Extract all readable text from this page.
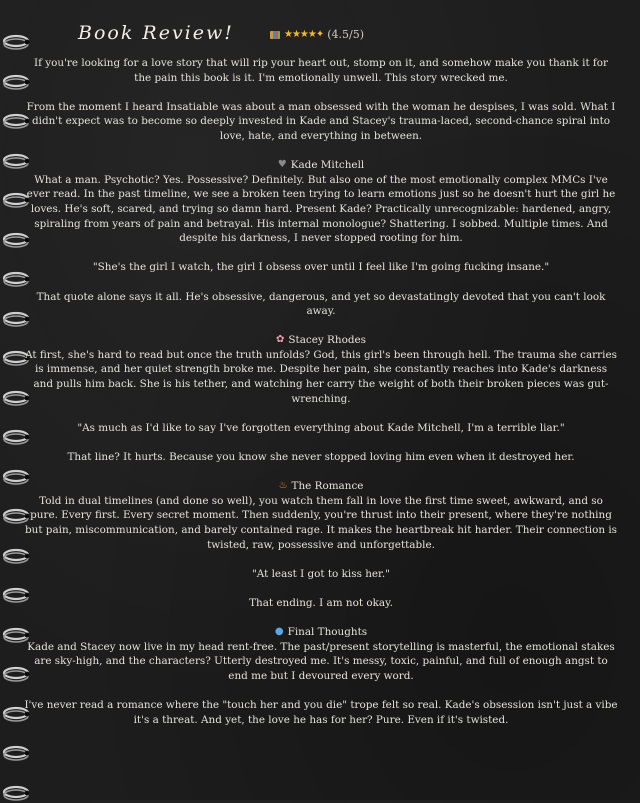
Book Review!	★★★★✦ (4.5/5)

If you're looking for a love story that will rip your heart out, stomp on it, and somehow make you thank it for the pain this book is it. I'm emotionally unwell. This story wrecked me.

From the moment I heard Insatiable was about a man obsessed with the woman he despises, I was sold. What I didn't expect was to become so deeply invested in Kade and Stacey's trauma-laced, second-chance spiral into love, hate, and everything in between.

♥ Kade Mitchell

What a man. Psychotic? Yes. Possessive? Definitely. But also one of the most emotionally complex MMCs I've ever read. In the past timeline, we see a broken teen trying to learn emotions just so he doesn't hurt the girl he loves. He's soft, scared, and trying so damn hard. Present Kade? Practically unrecognizable: hardened, angry, spiraling from years of pain and betrayal. His internal monologue? Shattering. I sobbed. Multiple times. And despite his darkness, I never stopped rooting for him.

"She's the girl I watch, the girl I obsess over until I feel like I'm going fucking insane."

That quote alone says it all. He's obsessive, dangerous, and yet so devastatingly devoted that you can't look away.

✿ Stacey Rhodes

At first, she's hard to read but once the truth unfolds? God, this girl's been through hell. The trauma she carries is immense, and her quiet strength broke me. Despite her pain, she constantly reaches into Kade's darkness and pulls him back. She is his tether, and watching her carry the weight of both their broken pieces was gut-wrenching.

"As much as I'd like to say I've forgotten everything about Kade Mitchell, I'm a terrible liar."

That line? It hurts. Because you know she never stopped loving him even when it destroyed her.

♨ The Romance

Told in dual timelines (and done so well), you watch them fall in love the first time sweet, awkward, and so pure. Every first. Every secret moment. Then suddenly, you're thrust into their present, where they're nothing but pain, miscommunication, and barely contained rage. It makes the heartbreak hit harder. Their connection is twisted, raw, possessive and unforgettable.

"At least I got to kiss her."

That ending. I am not okay.

● Final Thoughts

Kade and Stacey now live in my head rent-free. The past/present storytelling is masterful, the emotional stakes are sky-high, and the characters? Utterly destroyed me. It's messy, toxic, painful, and full of enough angst to end me but I devoured every word.

I've never read a romance where the "touch her and you die" trope felt so real. Kade's obsession isn't just a vibe it's a threat. And yet, the love he has for her? Pure. Even if it's twisted.
